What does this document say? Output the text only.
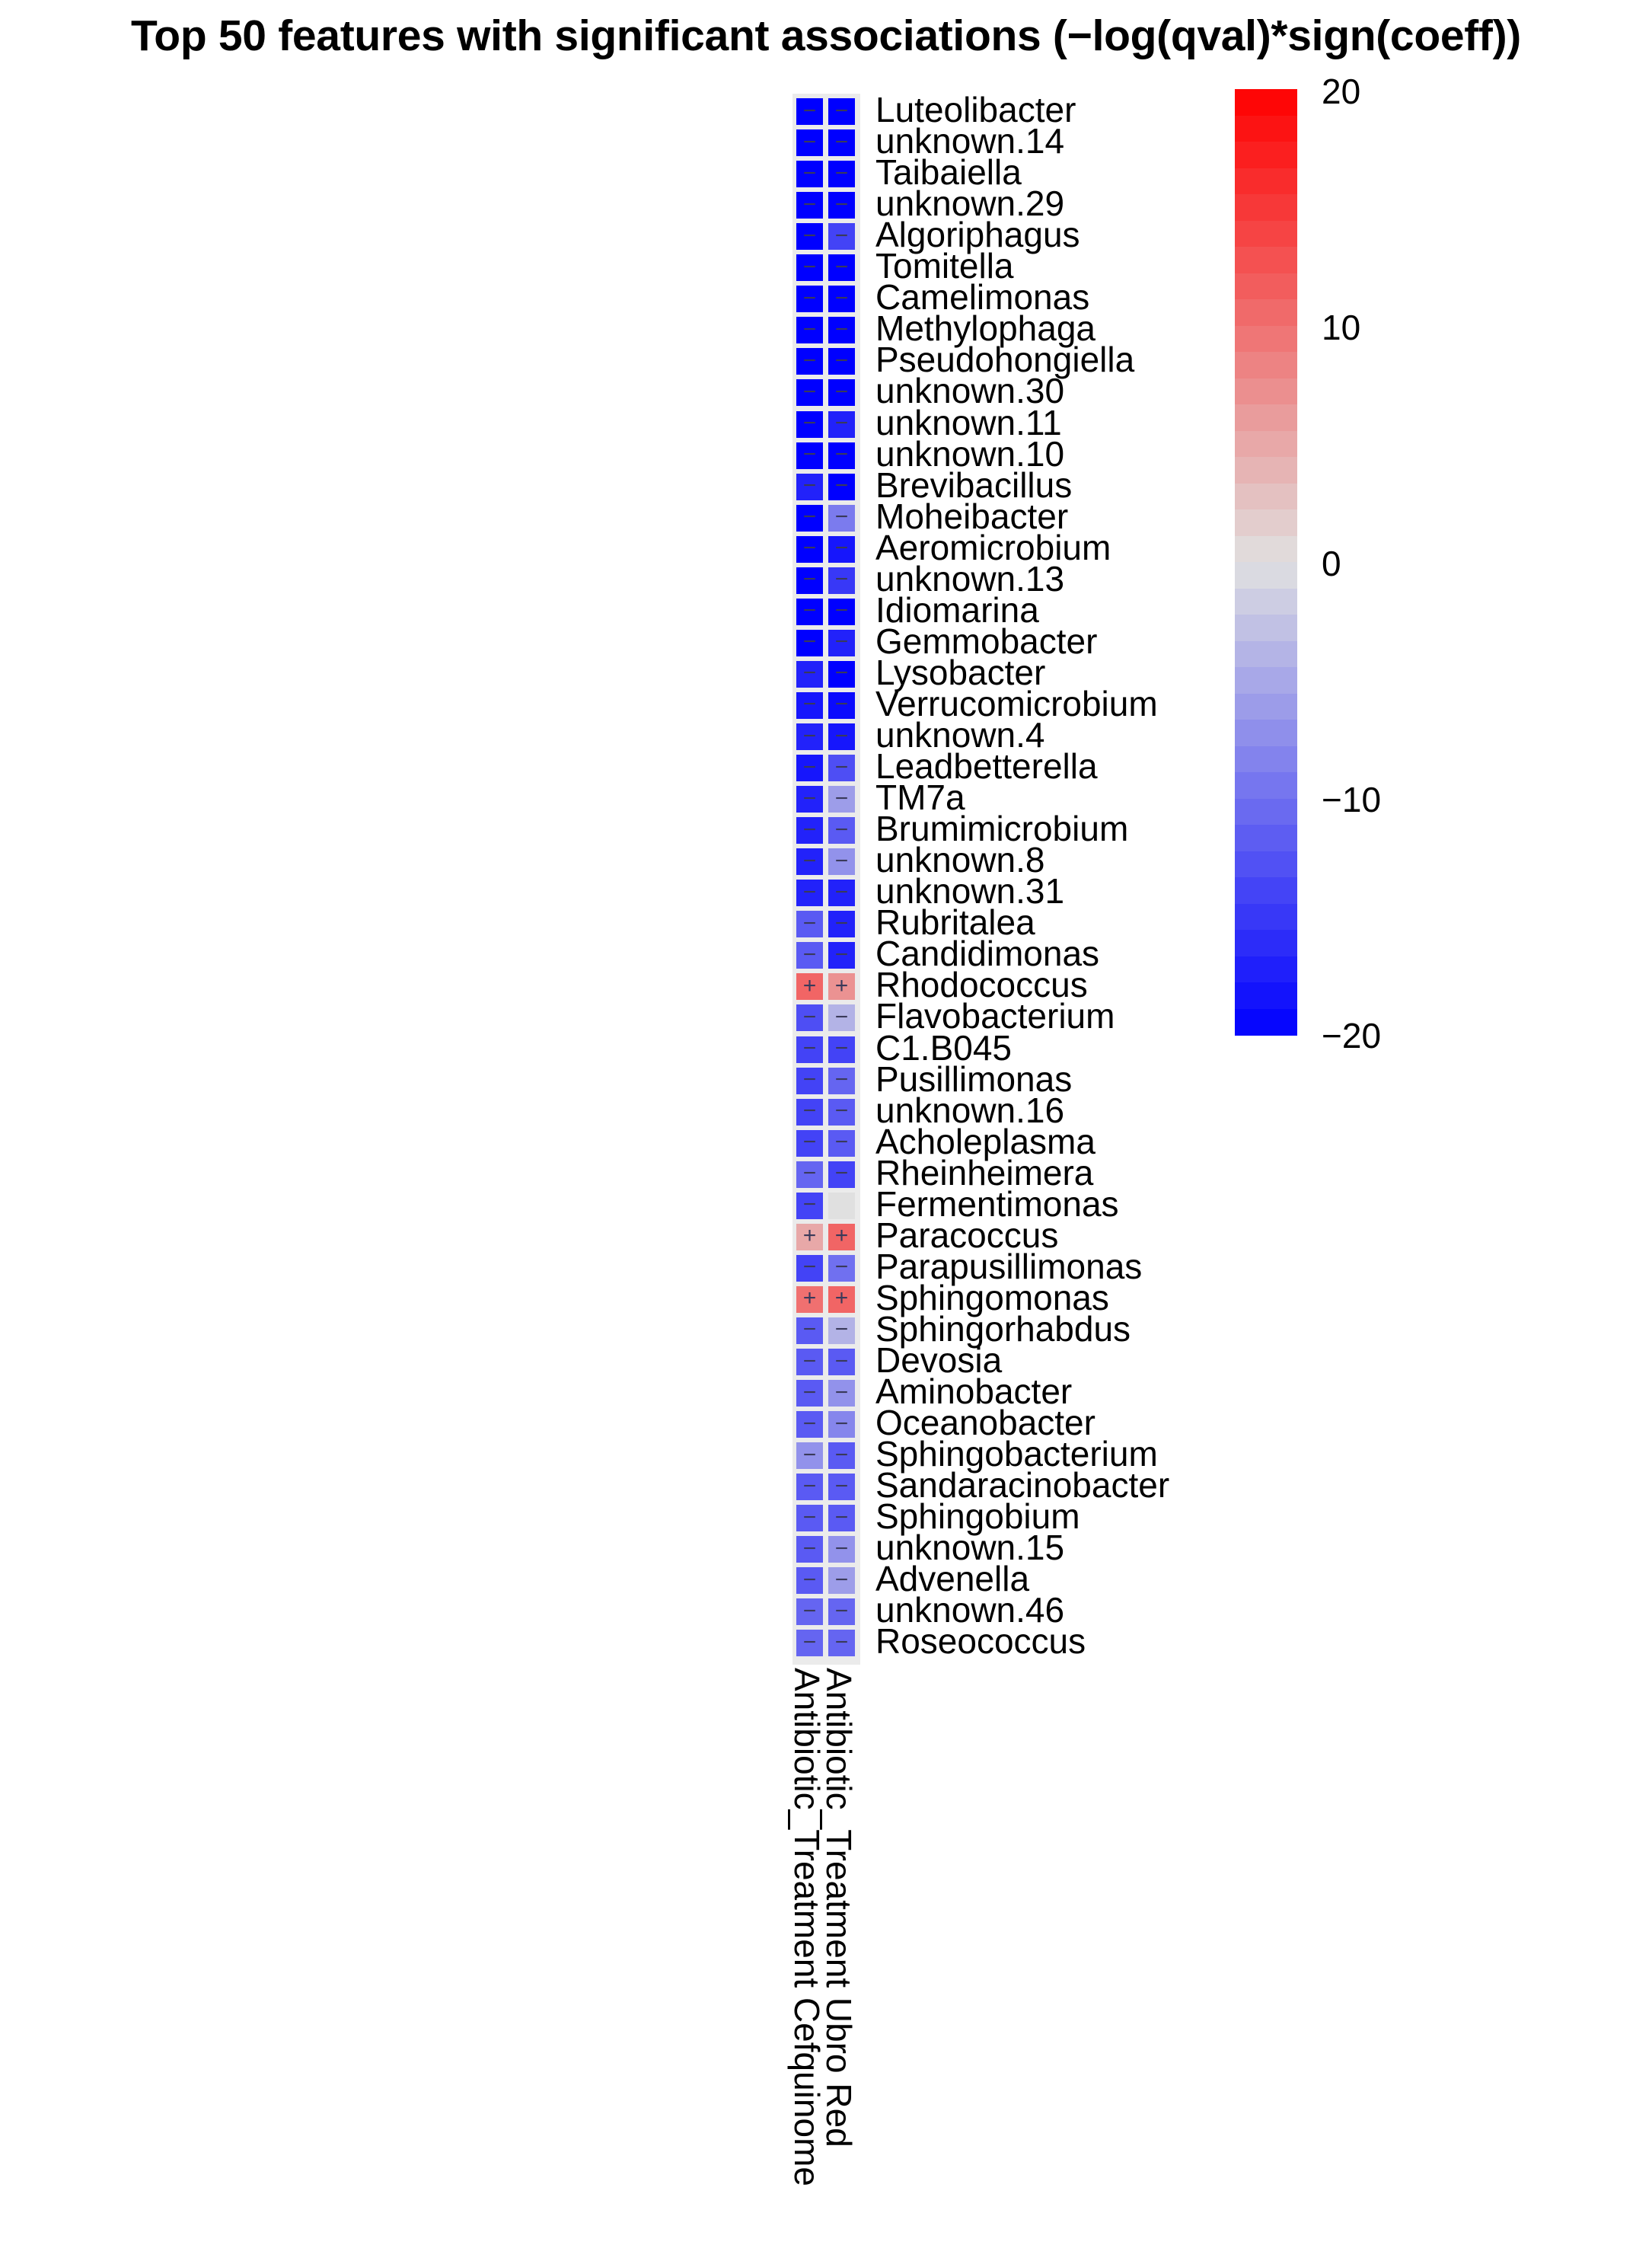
Top 50 features with significant associations (−log(qval)*sign(coeff))
− −
− −
− −
− −
− −
− −
− −
− −
− −
− −
− −
− −
− −
− −
− −
− −
− −
− −
− −
− −
− −
− −
− −
− −
− −
− −
− −
− −
+ +
− −
− −
− −
− −
− −
− −
−
+ +
− −
+ +
− −
− −
− −
− −
− −
− −
− −
− −
− −
− −
− −
Luteolibacter
unknown.14
Taibaiella
unknown.29
Algoriphagus
Tomitella
Camelimonas
Methylophaga
Pseudohongiella
unknown.30
unknown.11
unknown.10
Brevibacillus
Moheibacter
Aeromicrobium
unknown.13
Idiomarina
Gemmobacter
Lysobacter
Verrucomicrobium
unknown.4
Leadbetterella
TM7a
Brumimicrobium
unknown.8
unknown.31
Rubritalea
Candidimonas
Rhodococcus
Flavobacterium
C1.B045
Pusillimonas
unknown.16
Acholeplasma
Rheinheimera
Fermentimonas
Paracoccus
Parapusillimonas
Sphingomonas
Sphingorhabdus
Devosia
Aminobacter
Oceanobacter
Sphingobacterium
Sandaracinobacter
Sphingobium
unknown.15
Advenella
unknown.46
Roseococcus
20
10
0
−10
−20
Antibiotic_Treatment Cefquinome
Antibiotic_Treatment Ubro Red
